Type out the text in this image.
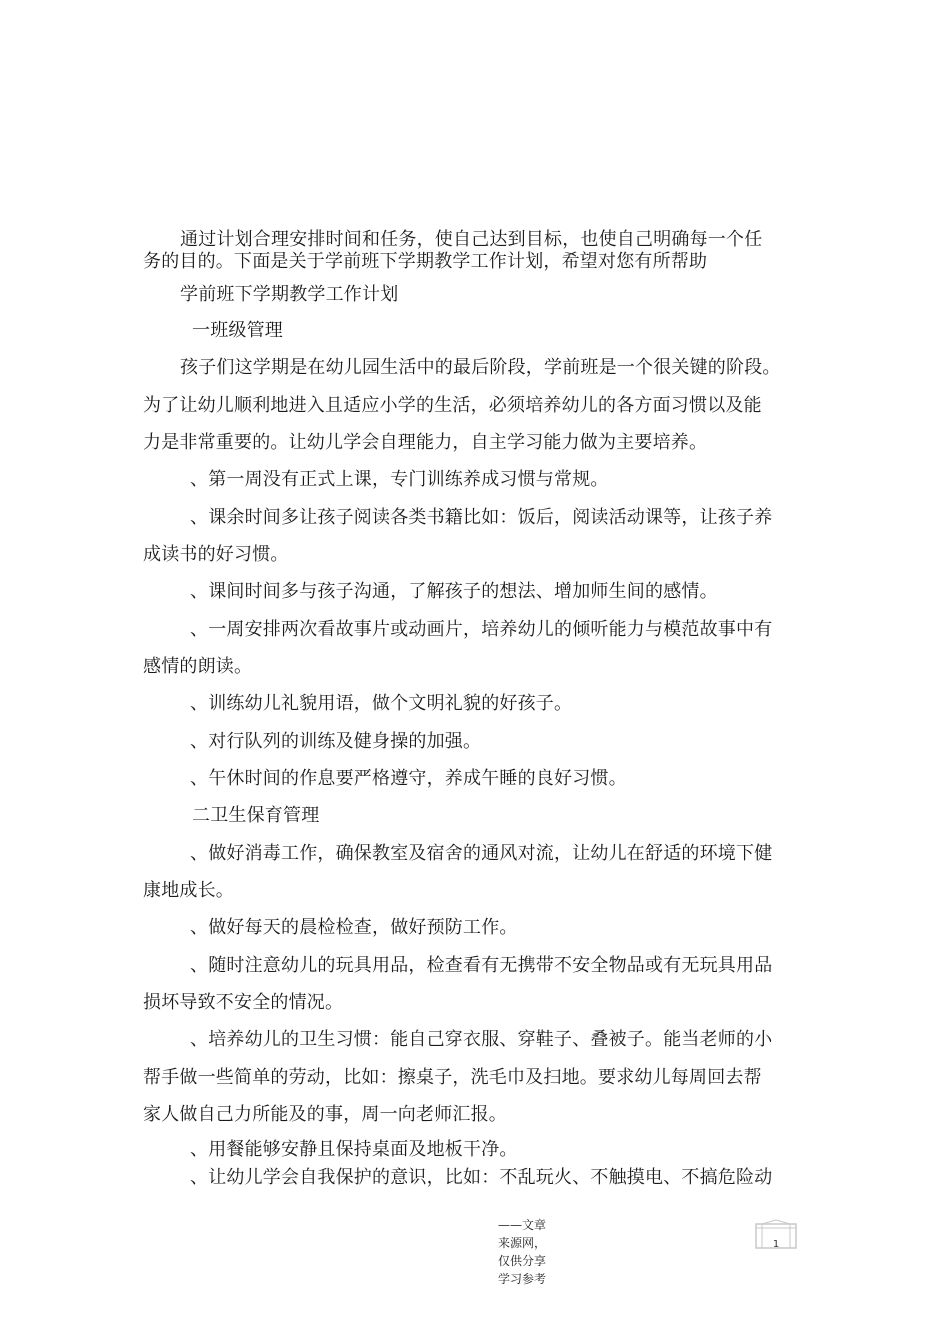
通过计划合理安排时间和任务，使自己达到目标，也使自己明确每一个任
务的目的。下面是关于学前班下学期教学工作计划，希望对您有所帮助
学前班下学期教学工作计划
一班级管理
孩子们这学期是在幼儿园生活中的最后阶段，学前班是一个很关键的阶段。
为了让幼儿顺利地进入且适应小学的生活，必须培养幼儿的各方面习惯以及能
力是非常重要的。让幼儿学会自理能力，自主学习能力做为主要培养。
、第一周没有正式上课，专门训练养成习惯与常规。
、课余时间多让孩子阅读各类书籍比如：饭后，阅读活动课等，让孩子养
成读书的好习惯。
、课间时间多与孩子沟通，了解孩子的想法、增加师生间的感情。
、一周安排两次看故事片或动画片，培养幼儿的倾听能力与模范故事中有
感情的朗读。
、训练幼儿礼貌用语，做个文明礼貌的好孩子。
、对行队列的训练及健身操的加强。
、午休时间的作息要严格遵守，养成午睡的良好习惯。
二卫生保育管理
、做好消毒工作，确保教室及宿舍的通风对流，让幼儿在舒适的环境下健
康地成长。
、做好每天的晨检检查，做好预防工作。
、随时注意幼儿的玩具用品，检查看有无携带不安全物品或有无玩具用品
损坏导致不安全的情况。
、培养幼儿的卫生习惯：能自己穿衣服、穿鞋子、叠被子。能当老师的小
帮手做一些简单的劳动，比如：擦桌子，洗毛巾及扫地。要求幼儿每周回去帮
家人做自己力所能及的事，周一向老师汇报。
、用餐能够安静且保持桌面及地板干净。
、让幼儿学会自我保护的意识，比如：不乱玩火、不触摸电、不搞危险动
1
——文章来源网，仅供分享学习参考
